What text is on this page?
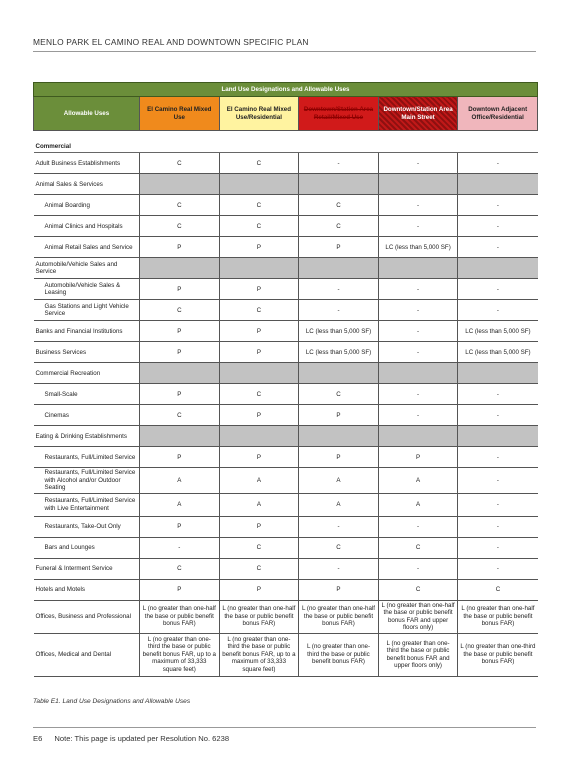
MENLO PARK EL CAMINO REAL AND DOWNTOWN SPECIFIC PLAN
Land Use Designations and Allowable Uses					
Allowable Uses	El Camino Real Mixed Use	El Camino Real Mixed Use/Residential	Downtown/Station Area Retail/Mixed Use	Downtown/Station Area Main Street	Downtown Adjacent Office/Residential
Commercial					
Adult Business Establishments	C	C	-	-	-
Animal Sales & Services					
Animal Boarding	C	C	C	-	-
Animal Clinics and Hospitals	C	C	C	-	-
Animal Retail Sales and Service	P	P	P	LC (less than 5,000 SF)	-
Automobile/Vehicle Sales and Service					
Automobile/Vehicle Sales & Leasing	P	P	-	-	-
Gas Stations and Light Vehicle Service	C	C	-	-	-
Banks and Financial Institutions	P	P	LC (less than 5,000 SF)	-	LC (less than 5,000 SF)
Business Services	P	P	LC (less than 5,000 SF)	-	LC (less than 5,000 SF)
Commercial Recreation					
Small-Scale	P	C	C	-	-
Cinemas	C	P	P	-	-
Eating & Drinking Establishments					
Restaurants, Full/Limited Service	P	P	P	P	-
Restaurants, Full/Limited Service with Alcohol and/or Outdoor Seating	A	A	A	A	-
Restaurants, Full/Limited Service with Live Entertainment	A	A	A	A	-
Restaurants, Take-Out Only	P	P	-	-	-
Bars and Lounges	-	C	C	C	-
Funeral & Interment Service	C	C	-	-	-
Hotels and Motels	P	P	P	C	C
Offices, Business and Professional	L (no greater than one-half the base or public benefit bonus FAR)	L (no greater than one-half the base or public benefit bonus FAR)	L (no greater than one-half the base or public benefit bonus FAR)	L (no greater than one-half the base or public benefit bonus FAR and upper floors only)	L (no greater than one-half the base or public benefit bonus FAR)
Offices, Medical and Dental	L (no greater than one-third the base or public benefit bonus FAR, up to a maximum of 33,333 square feet)	L (no greater than one-third the base or public benefit bonus FAR, up to a maximum of 33,333 square feet)	L (no greater than one-third the base or public benefit bonus FAR)	L (no greater than one-third the base or public benefit bonus FAR and upper floors only)	L (no greater than one-third the base or public benefit bonus FAR)
Table E1. Land Use Designations and Allowable Uses
E6 Note: This page is updated per Resolution No. 6238
